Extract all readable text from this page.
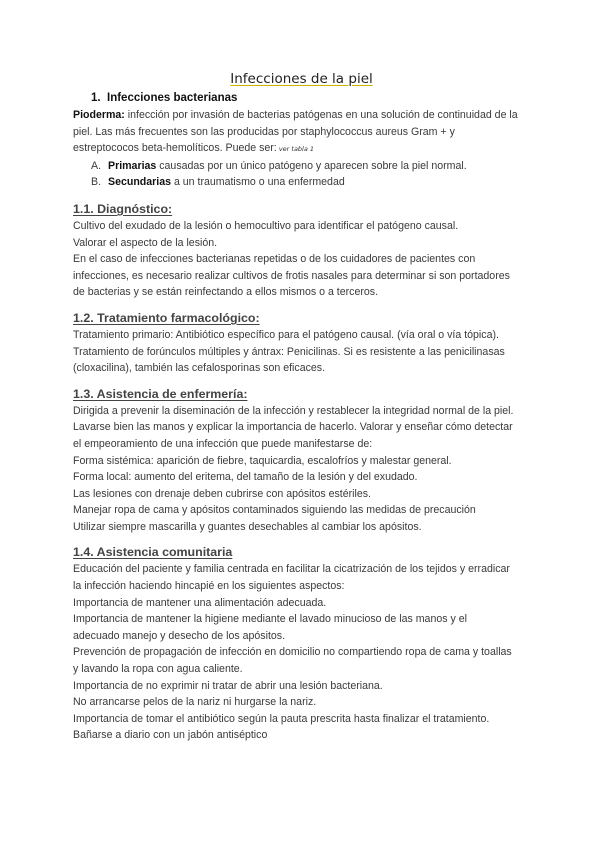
Infecciones de la piel
1. Infecciones bacterianas

Pioderma: infección por invasión de bacterias patógenas en una solución de continuidad de la

piel. Las más frecuentes son las producidas por staphylococcus aureus Gram + y

estreptococos beta-hemolíticos. Puede ser: ver tabla 1

A. Primarias causadas por un único patógeno y aparecen sobre la piel normal.
B. Secundarias a un traumatismo o una enfermedad
1.1. Diagnóstico:

Cultivo del exudado de la lesión o hemocultivo para identificar el patógeno causal.

Valorar el aspecto de la lesión.

En el caso de infecciones bacterianas repetidas o de los cuidadores de pacientes con

infecciones, es necesario realizar cultivos de frotis nasales para determinar si son portadores

de bacterias y se están reinfectando a ellos mismos o a terceros.

1.2. Tratamiento farmacológico:

Tratamiento primario: Antibiótico específico para el patógeno causal. (vía oral o vía tópica).

Tratamiento de forúnculos múltiples y ántrax: Penicilinas. Si es resistente a las penicilinasas

(cloxacilina), también las cefalosporinas son eficaces.

1.3. Asistencia de enfermería:

Dirigida a prevenir la diseminación de la infección y restablecer la integridad normal de la piel.

Lavarse bien las manos y explicar la importancia de hacerlo. Valorar y enseñar cómo detectar

el empeoramiento de una infección que puede manifestarse de:

Forma sistémica: aparición de fiebre, taquicardia, escalofríos y malestar general.

Forma local: aumento del eritema, del tamaño de la lesión y del exudado.

Las lesiones con drenaje deben cubrirse con apósitos estériles.

Manejar ropa de cama y apósitos contaminados siguiendo las medidas de precaución

Utilizar siempre mascarilla y guantes desechables al cambiar los apósitos.

1.4. Asistencia comunitaria

Educación del paciente y familia centrada en facilitar la cicatrización de los tejidos y erradicar

la infección haciendo hincapié en los siguientes aspectos:

Importancia de mantener una alimentación adecuada.

Importancia de mantener la higiene mediante el lavado minucioso de las manos y el

adecuado manejo y desecho de los apósitos.

Prevención de propagación de infección en domicilio no compartiendo ropa de cama y toallas

y lavando la ropa con agua caliente.

Importancia de no exprimir ni tratar de abrir una lesión bacteriana.

No arrancarse pelos de la nariz ni hurgarse la nariz.

Importancia de tomar el antibiótico según la pauta prescrita hasta finalizar el tratamiento.

Bañarse a diario con un jabón antiséptico
